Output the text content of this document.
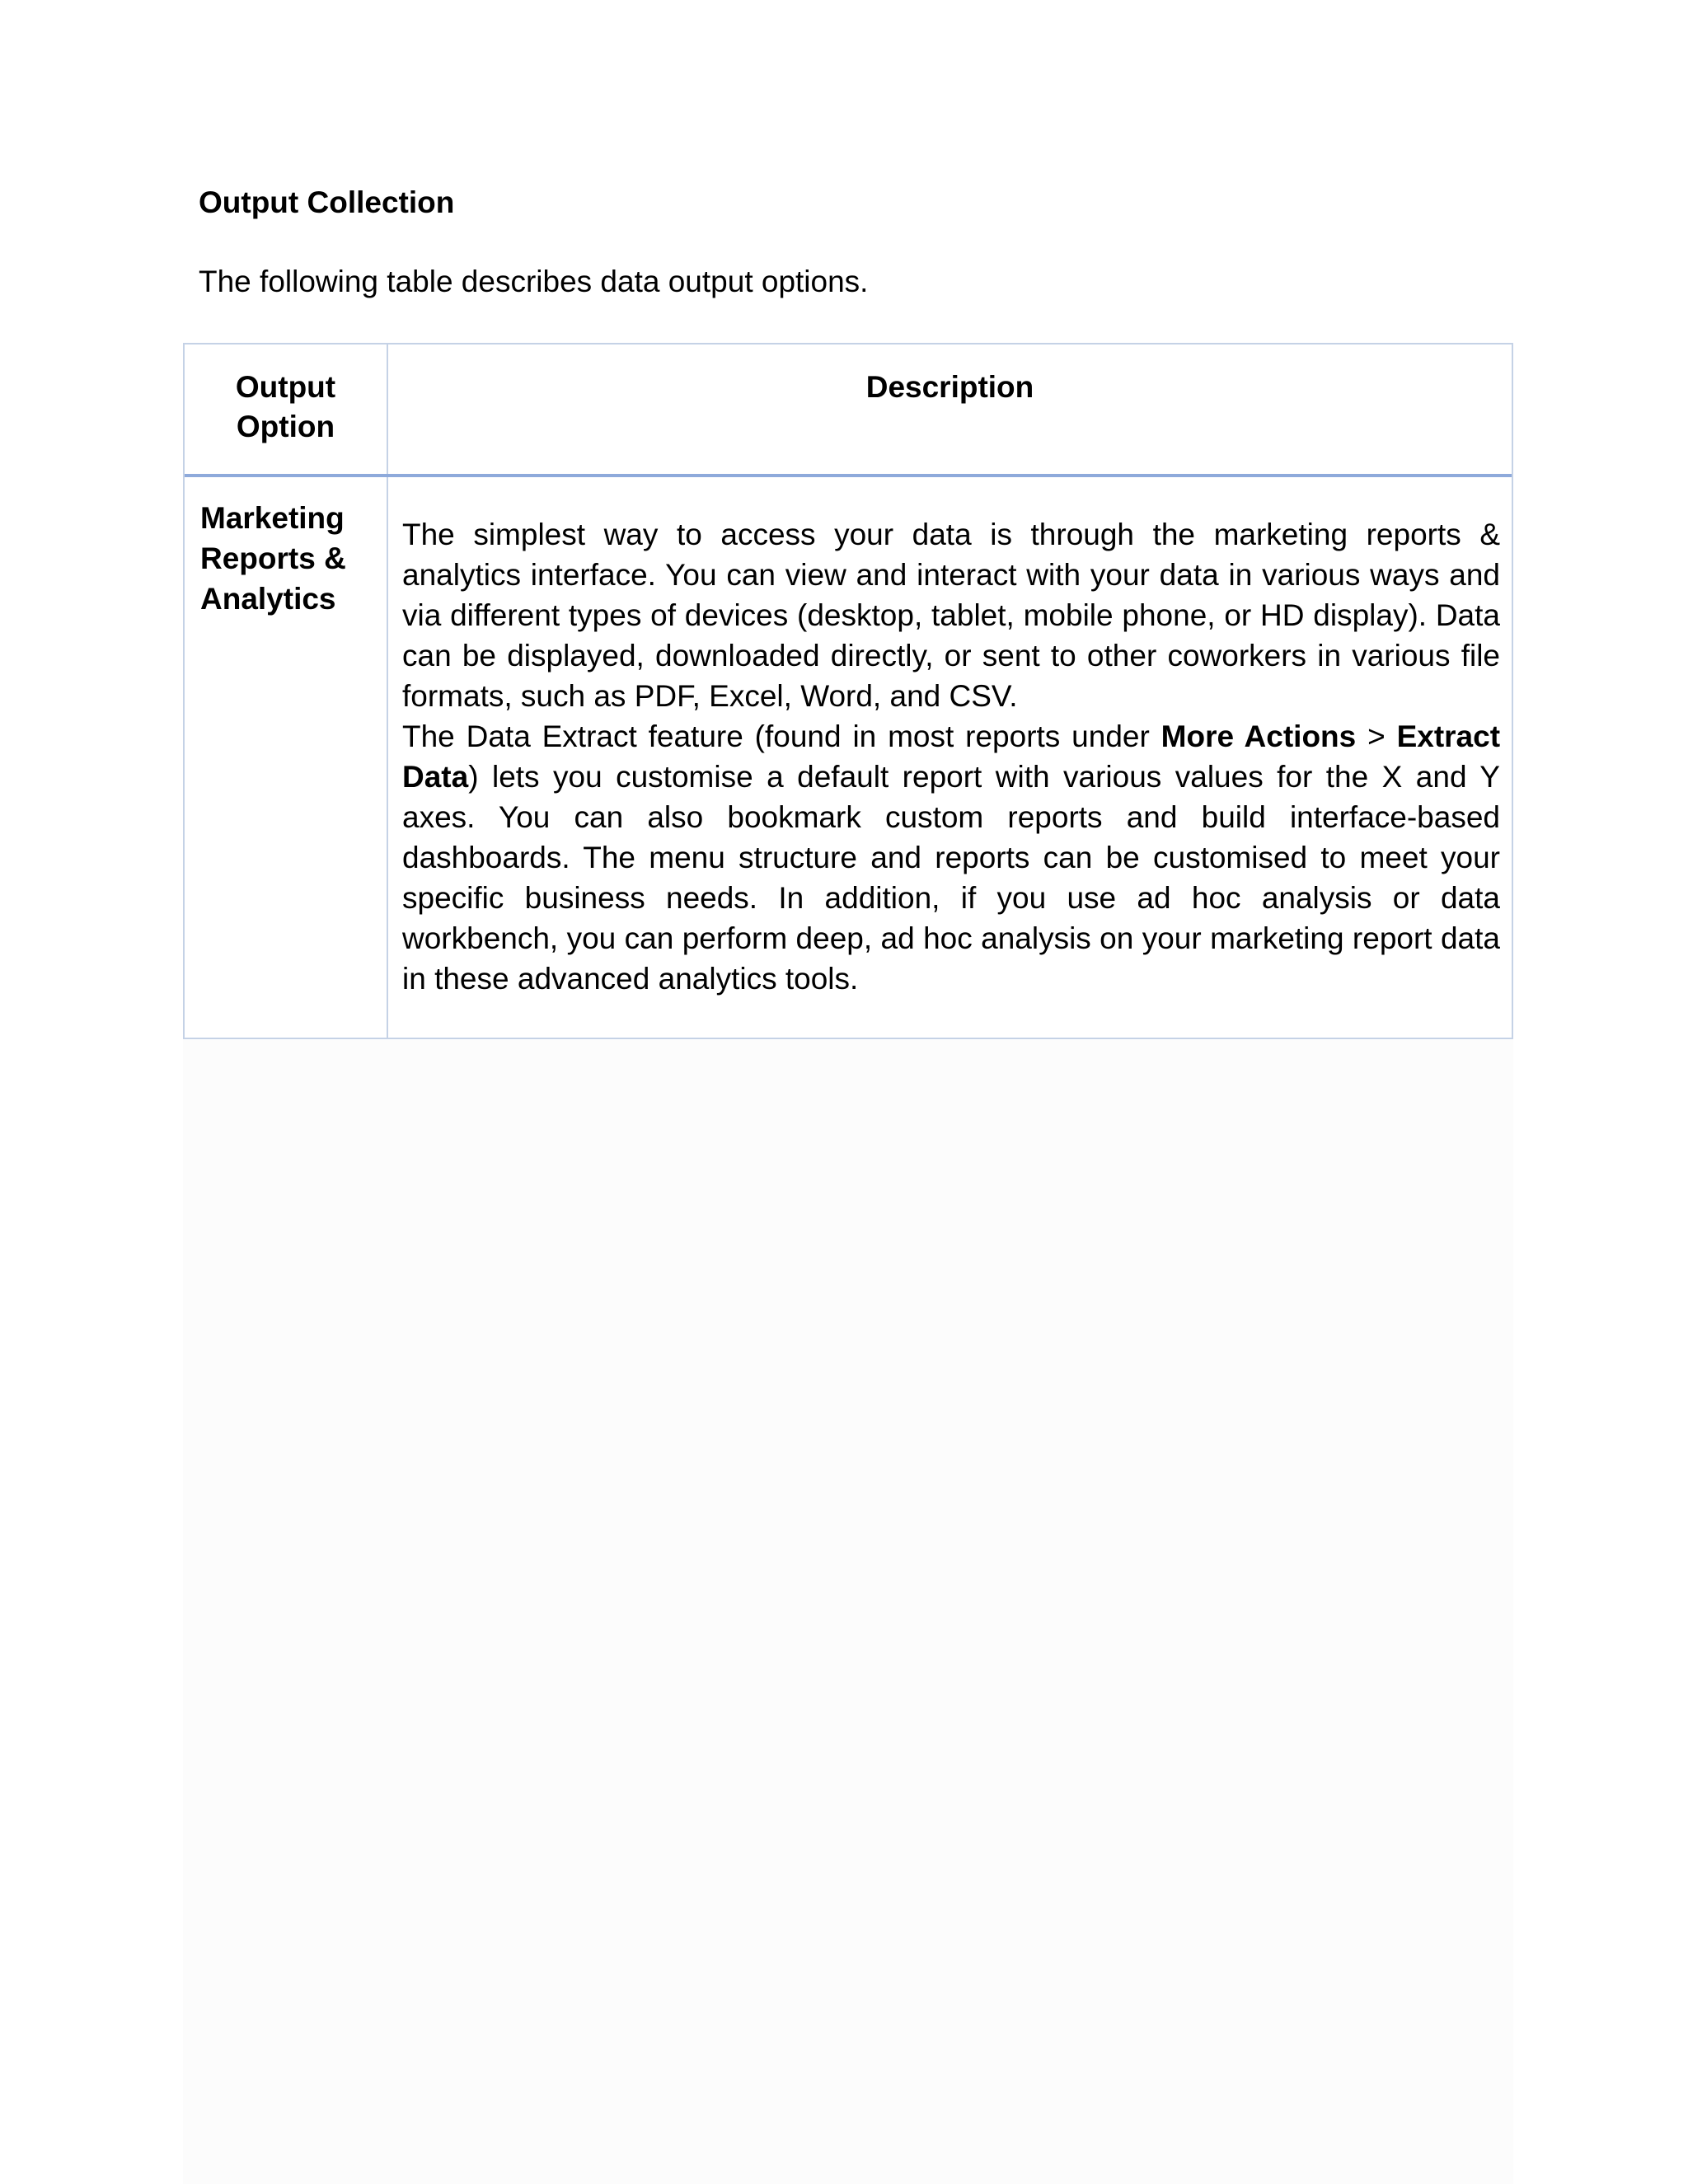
Output Collection
The following table describes data output options.
Output Option
Description
Marketing Reports & Analytics

The simplest way to access your data is through the marketing reports & analytics interface. You can view and interact with your data in various ways and via different types of devices (desktop, tablet, mobile phone, or HD display). Data can be displayed, downloaded directly, or sent to other coworkers in various file formats, such as PDF, Excel, Word, and CSV.

The Data Extract feature (found in most reports under More Actions > Extract Data) lets you customise a default report with various values for the X and Y axes. You can also bookmark custom reports and build interface-based dashboards. The menu structure and reports can be customised to meet your specific business needs. In addition, if you use ad hoc analysis or data workbench, you can perform deep, ad hoc analysis on your marketing report data in these advanced analytics tools.
